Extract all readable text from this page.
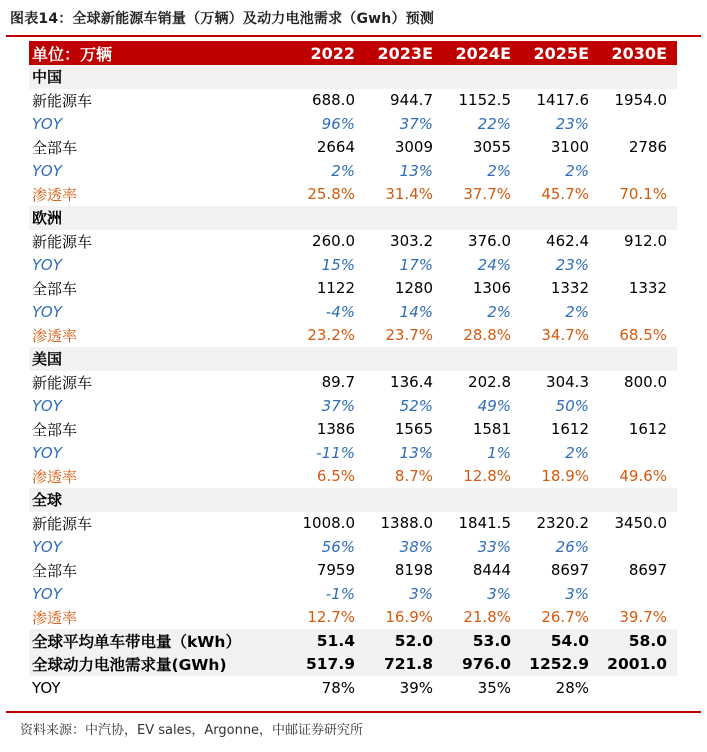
图表14：全球新能源车销量（万辆）及动力电池需求（Gwh）预测
单位：万辆	2022	2023E	2024E	2025E	2030E
中国					
新能源车	688.0	944.7	1152.5	1417.6	1954.0
YOY	96%	37%	22%	23%	
全部车	2664	3009	3055	3100	2786
YOY	2%	13%	2%	2%	
渗透率	25.8%	31.4%	37.7%	45.7%	70.1%
欧洲					
新能源车	260.0	303.2	376.0	462.4	912.0
YOY	15%	17%	24%	23%	
全部车	1122	1280	1306	1332	1332
YOY	-4%	14%	2%	2%	
渗透率	23.2%	23.7%	28.8%	34.7%	68.5%
美国					
新能源车	89.7	136.4	202.8	304.3	800.0
YOY	37%	52%	49%	50%	
全部车	1386	1565	1581	1612	1612
YOY	-11%	13%	1%	2%	
渗透率	6.5%	8.7%	12.8%	18.9%	49.6%
全球					
新能源车	1008.0	1388.0	1841.5	2320.2	3450.0
YOY	56%	38%	33%	26%	
全部车	7959	8198	8444	8697	8697
YOY	-1%	3%	3%	3%	
渗透率	12.7%	16.9%	21.8%	26.7%	39.7%
全球平均单车带电量（kWh）	51.4	52.0	53.0	54.0	58.0
全球动力电池需求量(GWh)	517.9	721.8	976.0	1252.9	2001.0
YOY	78%	39%	35%	28%	
资料来源：中汽协，EV sales，Argonne，中邮证券研究所
